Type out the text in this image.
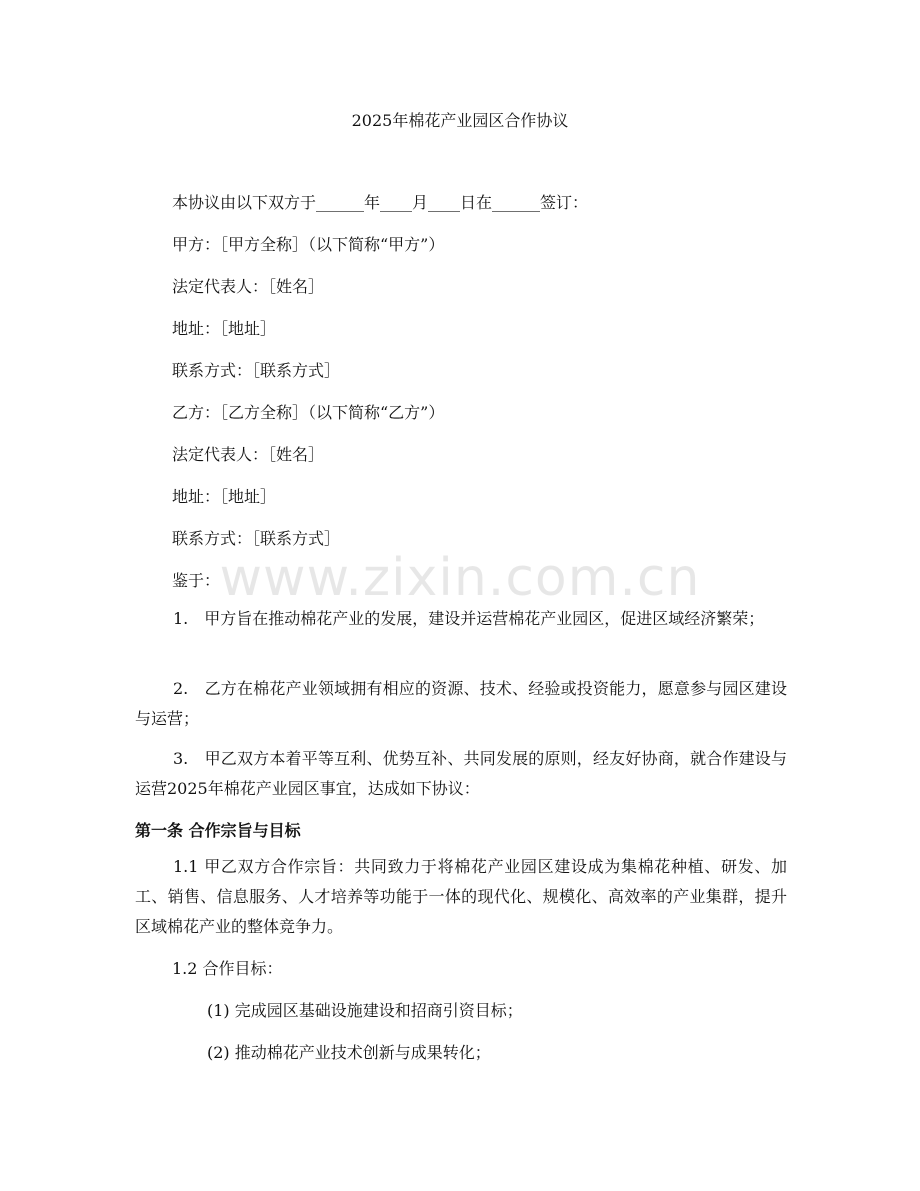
2025年棉花产业园区合作协议
本协议由以下双方于______年____月____日在______签订：
甲方：［甲方全称］（以下简称“甲方”）
法定代表人：［姓名］
地址：［地址］
联系方式：［联系方式］
乙方：［乙方全称］（以下简称“乙方”）
法定代表人：［姓名］
地址：［地址］
联系方式：［联系方式］
鉴于：
1.　甲方旨在推动棉花产业的发展，建设并运营棉花产业园区，促进区域经济繁荣；
2.　乙方在棉花产业领域拥有相应的资源、技术、经验或投资能力，愿意参与园区建设与运营；
3.　甲乙双方本着平等互利、优势互补、共同发展的原则，经友好协商，就合作建设与运营2025年棉花产业园区事宜，达成如下协议：
第一条 合作宗旨与目标
1.1 甲乙双方合作宗旨：共同致力于将棉花产业园区建设成为集棉花种植、研发、加工、销售、信息服务、人才培养等功能于一体的现代化、规模化、高效率的产业集群，提升区域棉花产业的整体竞争力。
1.2 合作目标：
(1) 完成园区基础设施建设和招商引资目标；
(2) 推动棉花产业技术创新与成果转化；
www.zixin.com.cn
